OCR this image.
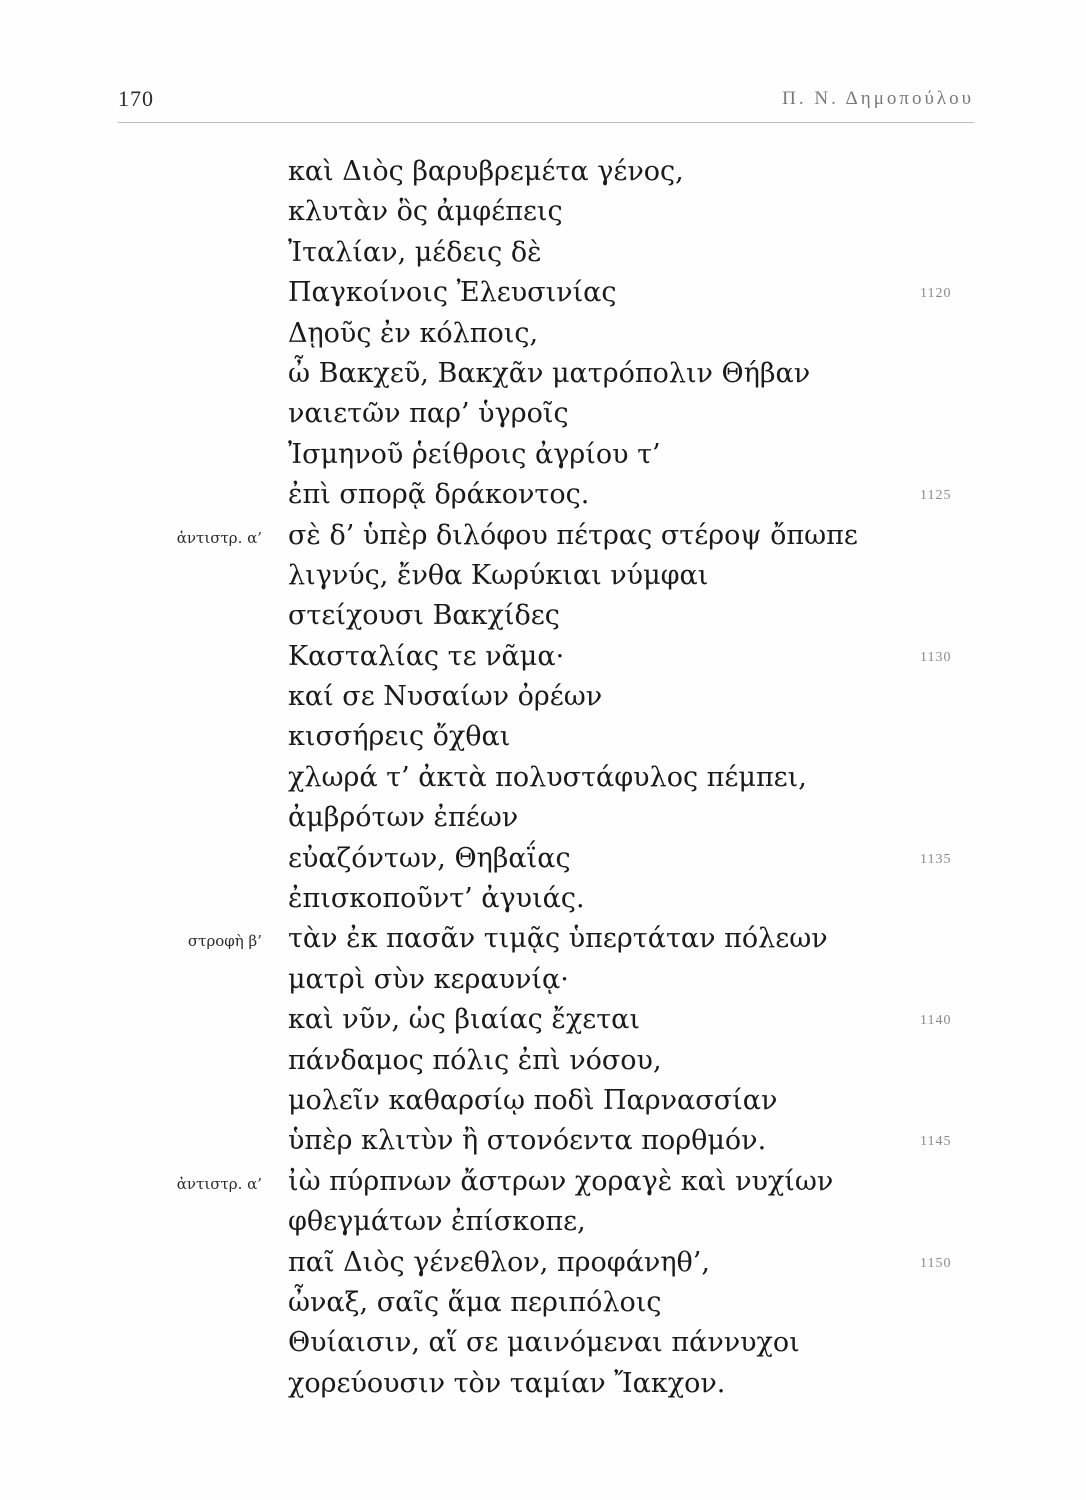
170	Π. Ν. Δημοπούλου
καὶ Διὸς βαρυβρεμέτα γένος,
κλυτὰν ὃς ἀμφέπεις
Ἰταλίαν, μέδεις δὲ
Παγκοίνοις Ἐλευσινίας	1120
Δῃοῦς ἐν κόλποις,
ὦ Βακχεῦ, Βακχᾶν ματρόπολιν Θήβαν
ναιετῶν παρ’ ὑγροῖς
Ἰσμηνοῦ ῥείθροις ἀγρίου τ’
ἐπὶ σπορᾷ δράκοντος.	1125
ἀντιστρ. α’ σὲ δ’ ὑπὲρ διλόφου πέτρας στέροψ ὄπωπε
λιγνύς, ἔνθα Κωρύκιαι νύμφαι
στείχουσι Βακχίδες
Κασταλίας τε νᾶμα·	1130
καί σε Νυσαίων ὀρέων
κισσήρεις ὄχθαι
χλωρά τ’ ἀκτὰ πολυστάφυλος πέμπει,
ἀμβρότων ἐπέων
εὐαζόντων, Θηβαΐας	1135
ἐπισκοποῦντ’ ἀγυιάς.
στροφὴ β’ τὰν ἐκ πασᾶν τιμᾷς ὑπερτάταν πόλεων
ματρὶ σὺν κεραυνίᾳ·
καὶ νῦν, ὡς βιαίας ἔχεται	1140
πάνδαμος πόλις ἐπὶ νόσου,
μολεῖν καθαρσίῳ ποδὶ Παρνασσίαν
ὑπὲρ κλιτὺν ἢ στονόεντα πορθμόν.	1145
ἀντιστρ. α’ ἰὼ πύρπνων ἄστρων χοραγὲ καὶ νυχίων
φθεγμάτων ἐπίσκοπε,
παῖ Διὸς γένεθλον, προφάνηθ’,	1150
ὦναξ, σαῖς ἅμα περιπόλοις
Θυίαισιν, αἵ σε μαινόμεναι πάννυχοι
χορεύουσιν τὸν ταμίαν Ἴακχον.
